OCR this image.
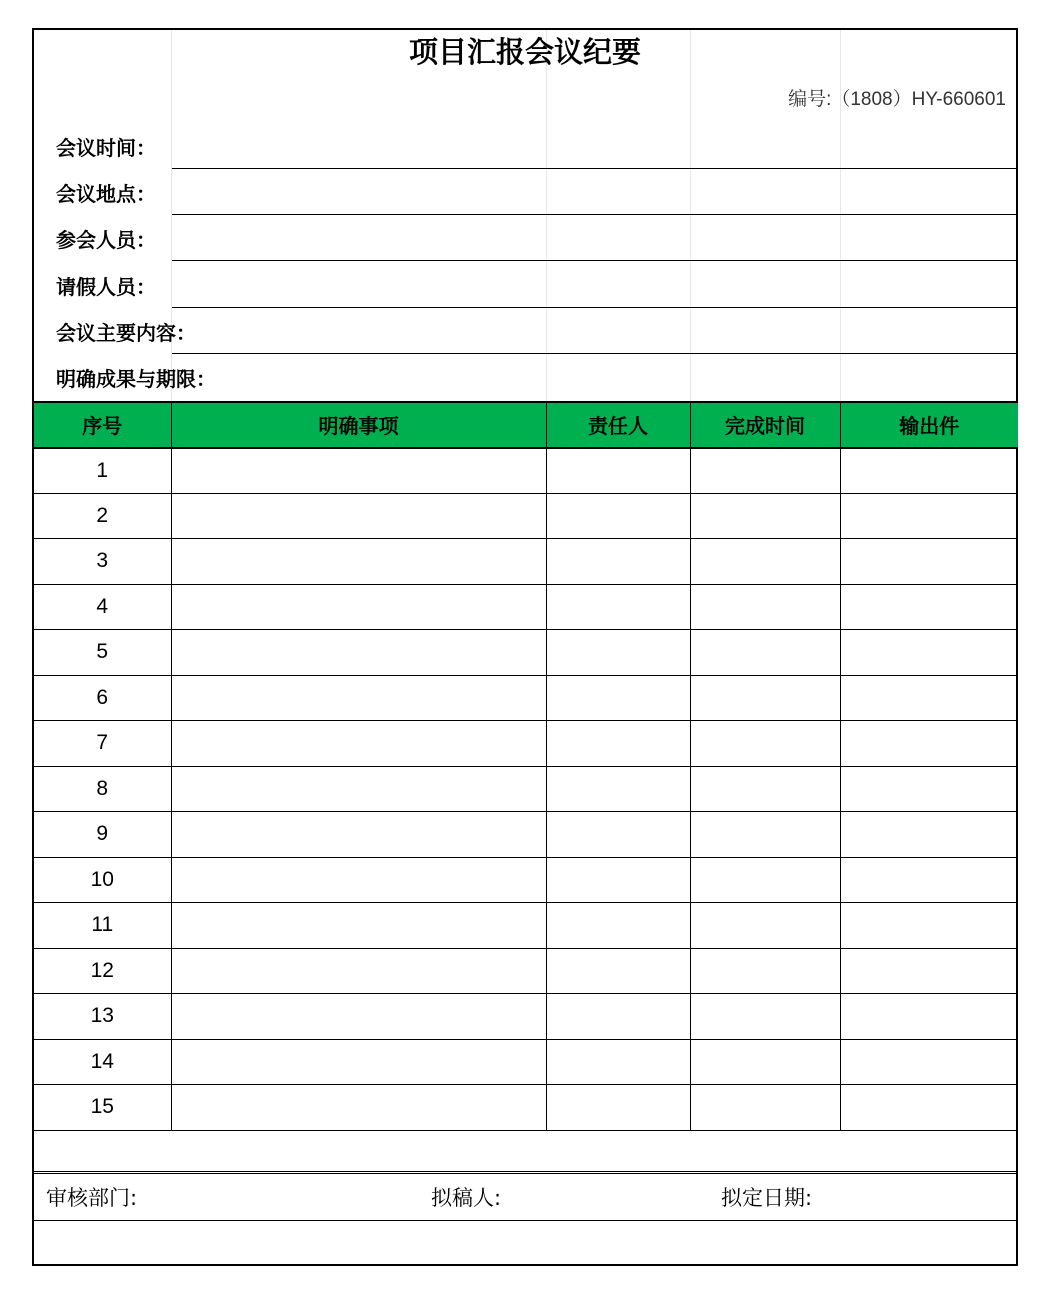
项目汇报会议纪要
编号:（1808）HY-660601
会议时间：
会议地点：
参会人员：
请假人员：
会议主要内容：
明确成果与期限：
序号	明确事项	责任人	完成时间	输出件
1				
2				
3				
4				
5				
6				
7				
8				
9				
10				
11				
12				
13				
14				
15				
审核部门:	拟稿人:	拟定日期:
